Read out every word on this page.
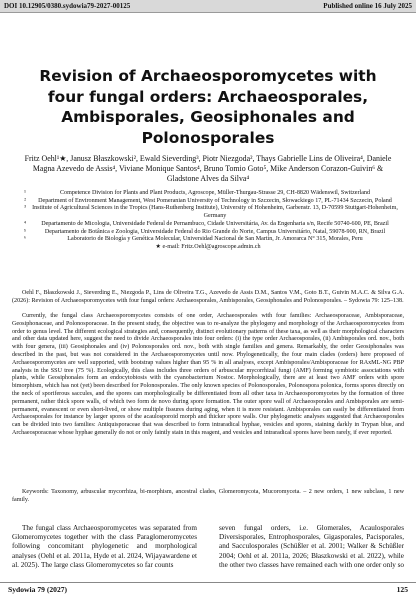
DOI 10.12905/0380.sydowia79-2027-00125	Published online 16 July 2025
Revision of Archaeosporomycetes with four fungal orders: Archaeosporales, Ambisporales, Geosiphonales and Polonosporales
Fritz Oehl¹★, Janusz Błaszkowski², Ewald Sieverding³, Piotr Niezgoda², Thays Gabrielle Lins de Oliveira⁴, Daniele Magna Azevedo de Assis⁴, Viviane Monique Santos⁴, Bruno Tomio Goto⁵, Mike Anderson Corazon-Guivin⁶ & Gladstone Alves da Silva⁴
¹	Competence Division for Plants and Plant Products, Agroscope, Müller-Thurgau-Strasse 29, CH-8820 Wädenswil, Switzerland
²	Department of Environment Management, West Pomeranian University of Technology in Szczecin, Słowackiego 17, PL-71434 Szczecin, Poland
³ Institute of Agricultural Sciences in the Tropics (Hans-Ruthenberg Institute), University of Hohenheim, Garbenstr. 13, D-70599 Stuttgart-Hohenheim, Germany
⁴	Departamento de Micologia, Universidade Federal de Pernambuco, Cidade Universitária, Av. da Engenharia s/n, Recife 50740-600, PE, Brazil
⁵	Departamento de Botânica e Zoologia, Universidade Federal do Rio Grande do Norte, Campus Universitário, Natal, 59078-900, RN, Brazil
⁶	Laboratorio de Biología y Genética Molecular, Universidad Nacional de San Martín, Jr. Amorarca N° 315, Morales, Peru
★ e-mail: Fritz.Oehl@agroscope.admin.ch
Oehl F., Błaszkowski J., Sieverding E., Niezgoda P., Lins de Oliveira T.G., Azevedo de Assis D.M., Santos V.M., Goto B.T., Guivin M.A.C. & Silva G.A. (2026): Revision of Archaeosporomycetes with four fungal orders: Archaeosporales, Ambisporales, Geosiphonales and Polonosporales. – Sydowia 79: 125–138.
Currently, the fungal class Archaeosporomycetes consists of one order, Archaeosporales with four families: Archaeosporaceae, Ambisporaceae, Geosiphonaceae, and Polonosporaceae. In the present study, the objective was to re-analyze the phylogeny and morphology of the Archaeosporomycetes from order to genus level. The different ecological strategies and, consequently, distinct evolutionary patterns of these taxa, as well as their morphological characters and other data updated here, suggest the need to divide Archaeosporales into four orders: (i) the type order Archaeosporales, (ii) Ambisporales ord. nov., both with four genera, (iii) Geosiphonales and (iv) Polonosporales ord. nov., both with single families and genera. Remarkably, the order Geosiphonales was described in the past, but was not considered in the Archaeosporomycetes until now. Phylogenetically, the four main clades (orders) here proposed of Archaeosporomycetes are well supported, with bootstrap values higher than 95 % in all analyses, except Ambisporales/Ambisporaceae for RAxML-NG PBP analysis in the SSU tree (75 %). Ecologically, this class includes three orders of arbuscular mycorrhizal fungi (AMF) forming symbiotic associations with plants, while Geosiphonales form an endocytobiosis with the cyanobacterium Nostoc. Morphologically, there are at least two AMF orders with spore bimorphism, which has not (yet) been described for Polonosporales. The only known species of Polonosporales, Polonospora polonica, forms spores directly on the neck of sporiferous saccules, and the spores can morphologically be differentiated from all other taxa in Archaeosporomycetes by the formation of three permanent, rather thick spore walls, of which two form de novo during spore formation. The outer spore wall of Archaeosporales and Ambisporales are semi-permanent, evanescent or even short-lived, or show multiple fissures during aging, when it is more resistant. Ambisporales can easily be differentiated from Archaeosporales for instance by larger spores of the acaulosporoid morph and thicker spore walls. Our phylogenetic analyses suggested that Archaeosporales can be divided into two families: Antiquisporaceae that was described to form intraradical hyphae, vesicles and spores, staining darkly in Trypan blue, and Archaeosporaceae whose hyphae generally do not or only faintly stain in this reagent, and vesicles and intraradical spores have been rarely, if ever reported.
Keywords: Taxonomy, arbuscular mycorrhiza, bi-morphism, ancestral clades, Glomeromycota, Mucoromyceta. – 2 new orders, 1 new subclass, 1 new family.
The fungal class Archaeosporomycetes was separated from Glomeromycetes together with the class Paraglomeromycetes following concomitant phylogenetic and morphological analyses (Oehl et al. 2011a, Hyde et al. 2024, Wijayawardene et al. 2025). The large class Glomeromycetes so far counts
seven fungal orders, i.e. Glomerales, Acaulosporales Diversisporales, Entrophosporales, Gigasporales, Pacisporales, and Sacculosporales (Schüßler et al. 2001; Walker & Schüßler 2004; Oehl et al. 2011a, 2026; Błaszkowski et al. 2022), while the other two classes have remained each with one order only so
Sydowia 79 (2027)	125
